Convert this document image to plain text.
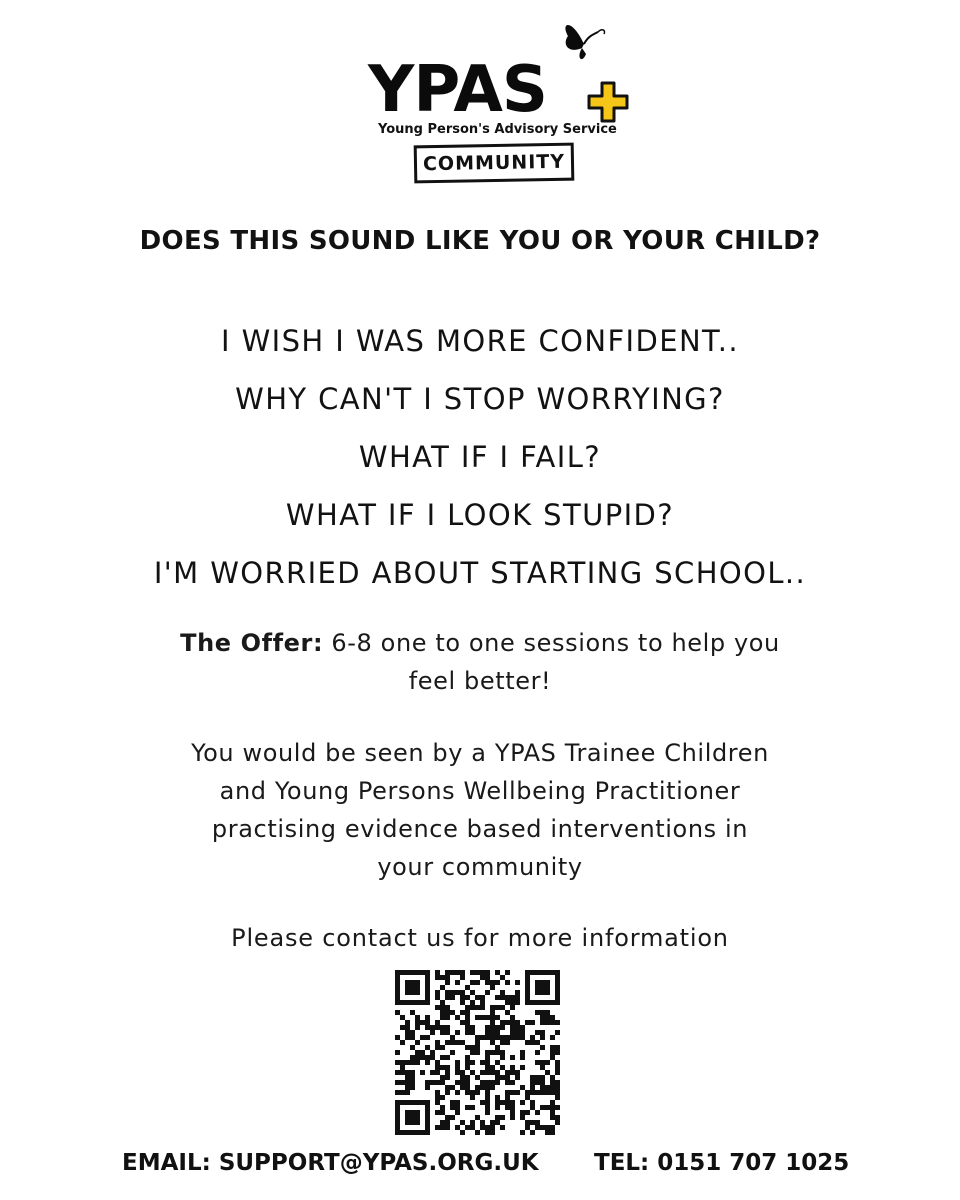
YPAS
Young Person's Advisory Service
COMMUNITY
DOES THIS SOUND LIKE YOU OR YOUR CHILD?
I WISH I WAS MORE CONFIDENT..
WHY CAN'T I STOP WORRYING?
WHAT IF I FAIL?
WHAT IF I LOOK STUPID?
I'M WORRIED ABOUT STARTING SCHOOL..
The Offer: 6-8 one to one sessions to help you feel better!
You would be seen by a YPAS Trainee Children and Young Persons Wellbeing Practitioner practising evidence based interventions in your community
Please contact us for more information
EMAIL: SUPPORT@YPAS.ORG.UK TEL: 0151 707 1025
